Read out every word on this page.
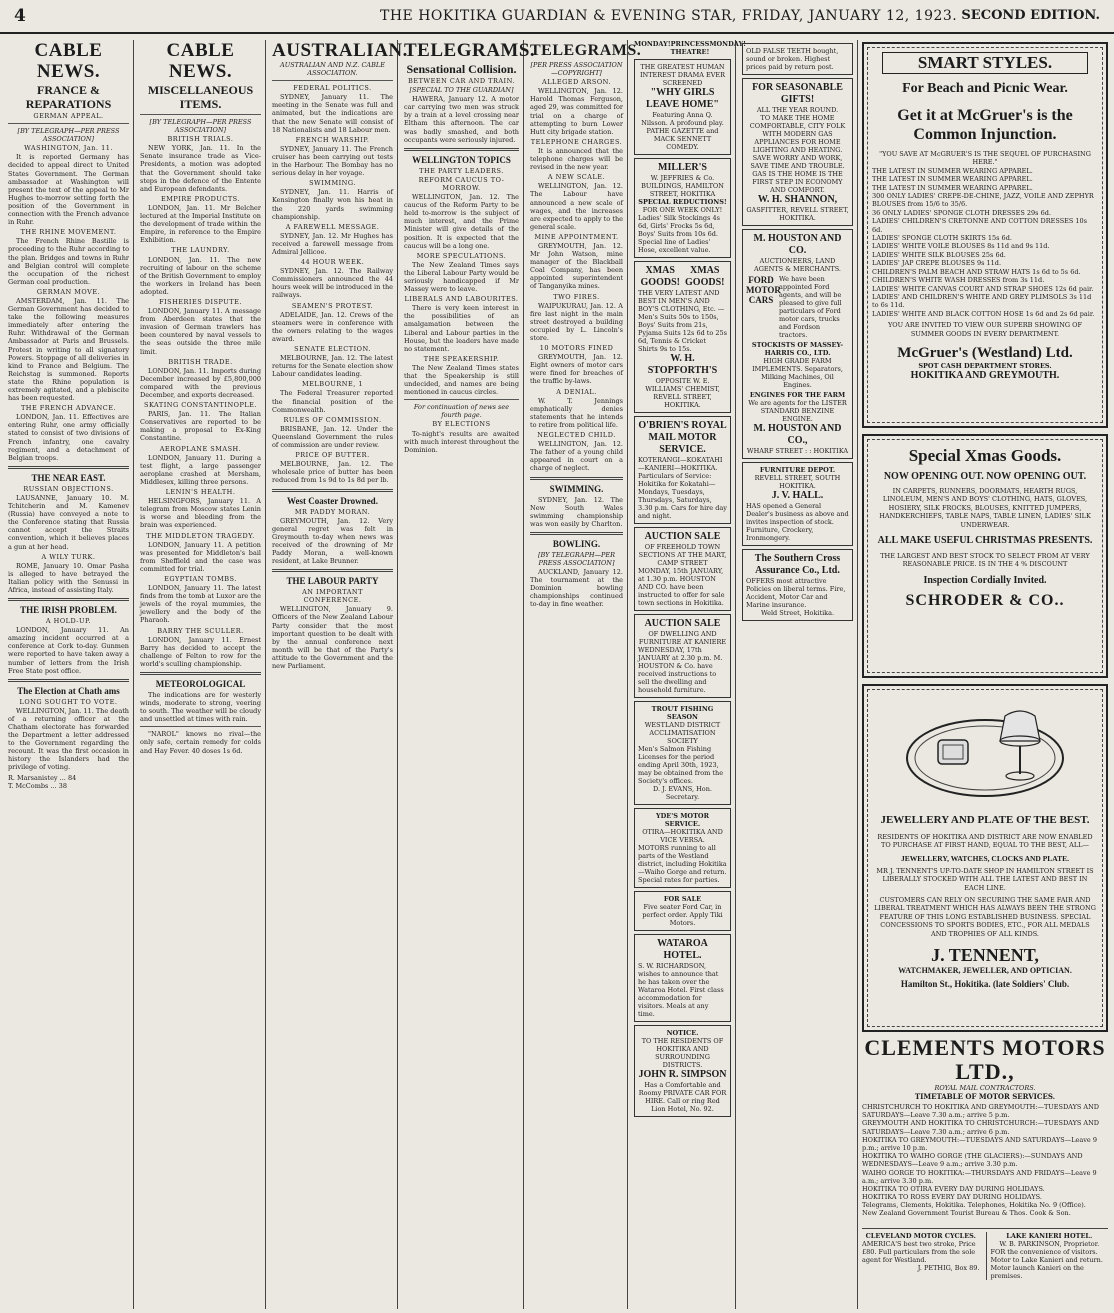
4	THE HOKITIKA GUARDIAN & EVENING STAR, FRIDAY, JANUARY 12, 1923. SECOND EDITION.
CABLE NEWS.
FRANCE & REPARATIONS
GERMAN APPEAL.
[BY TELEGRAPH—PER PRESS ASSOCIATION]
WASHINGTON, Jan. 11.

It is reported Germany has decided to appeal direct to United States Government. The German ambassador at Washington will present the text of the appeal to Mr Hughes to-morrow setting forth the position of the Government in connection with the French advance in Ruhr.

THE RHINE MOVEMENT.

The French Rhine Bastille is proceeding to the Ruhr according to the plan. Bridges and towns in Ruhr and Belgian control will complete the occupation of the richest German coal production.

GERMAN MOVE.

AMSTERDAM, Jan. 11. The German Government has decided to take the following measures immediately after entering the Ruhr. Withdrawal of the German Ambassador at Paris and Brussels. Protest in writing to all signatory Powers. Stoppage of all deliveries in kind to France and Belgium. The Reichstag is summoned. Reports state the Rhine population is extremely agitated, and a plebiscite has been requested.

THE FRENCH ADVANCE.

LONDON, Jan. 11. Effectives are entering Ruhr, one army officially stated to consist of two divisions of French infantry, one cavalry regiment, and a detachment of Belgian troops.

THE NEAR EAST.
RUSSIAN OBJECTIONS.

LAUSANNE, January 10. M. Tchitcherin and M. Kamenev (Russia) have conveyed a note to the Conference stating that Russia cannot accept the Straits convention, which it believes places a gun at her head.

A WILY TURK.

ROME, January 10. Omar Pasha is alleged to have betrayed the Italian policy with the Senussi in Africa, instead of assisting Italy.

THE IRISH PROBLEM.
A HOLD-UP.

LONDON, January 11. An amazing incident occurred at a conference at Cork to-day. Gunmen were reported to have taken away a number of letters from the Irish Free State post office.

The Election at Chath ams
LONG SOUGHT TO VOTE.

WELLINGTON, Jan. 11. The death of a returning officer at the Chatham electorate has forwarded the Department a letter addressed to the Government regarding the recount. It was the first occasion in history the Islanders had the privilege of voting.

R. Marsanistey ... 84
T. McCombs ... 38
CABLE NEWS.
MISCELLANEOUS ITEMS.
[BY TELEGRAPH—PER PRESS ASSOCIATION]
BRITISH TRIALS.

NEW YORK, Jan. 11. In the Senate insurance trade as Vice-Presidents, a motion was adopted that the Government should take steps in the defence of the Entente and European defendants.

EMPIRE PRODUCTS.

LONDON, Jan. 11. Mr Belcher lectured at the Imperial Institute on the development of trade within the Empire, in reference to the Empire Exhibition.

THE LAUNDRY.

LONDON, Jan. 11. The new recruiting of labour on the scheme of the British Government to employ the workers in Ireland has been adopted.

FISHERIES DISPUTE.

LONDON, January 11. A message from Aberdeen states that the invasion of German trawlers has been countered by naval vessels to the seas outside the three mile limit.

BRITISH TRADE.

LONDON, Jan. 11. Imports during December increased by £5,800,000 compared with the previous December, and exports decreased.

SKATING CONSTANTINOPLE.

PARIS, Jan. 11. The Italian Conservatives are reported to be making a proposal to Ex-King Constantine.

AEROPLANE SMASH.

LONDON, January 11. During a test flight, a large passenger aeroplane crashed at Mersham, Middlesex, killing three persons.

LENIN'S HEALTH.

HELSINGFORS, January 11. A telegram from Moscow states Lenin is worse and bleeding from the brain was experienced.

THE MIDDLETON TRAGEDY.

LONDON, January 11. A petition was presented for Middleton's bail from Sheffield and the case was committed for trial.

EGYPTIAN TOMBS.

LONDON, January 11. The latest finds from the tomb at Luxor are the jewels of the royal mummies, the jewellery and the body of the Pharaoh.

BARRY THE SCULLER.

LONDON, January 11. Ernest Barry has decided to accept the challenge of Felton to row for the world's sculling championship.

METEOROLOGICAL

The indications are for westerly winds, moderate to strong, veering to south. The weather will be cloudy and unsettled at times with rain.

"NAROL" knows no rival—the only safe, certain remedy for colds and Hay Fever. 40 doses 1s 6d.

AUSTRALIAN.
AUSTRALIAN AND N.Z. CABLE ASSOCIATION.
FEDERAL POLITICS.

SYDNEY, January 11. The meeting in the Senate was full and animated, but the indications are that the new Senate will consist of 18 Nationalists and 18 Labour men.

FRENCH WARSHIP.

SYDNEY, January 11. The French cruiser has been carrying out tests in the Harbour. The Bombay has no serious delay in her voyage.

SWIMMING.

SYDNEY, Jan. 11. Harris of Kensington finally won his heat in the 220 yards swimming championship.

A FAREWELL MESSAGE.

SYDNEY, Jan. 12. Mr Hughes has received a farewell message from Admiral Jellicoe.

44 HOUR WEEK.

SYDNEY, Jan. 12. The Railway Commissioners announced the 44 hours week will be introduced in the railways.

SEAMEN'S PROTEST.

ADELAIDE, Jan. 12. Crews of the steamers were in conference with the owners relating to the wages award.

SENATE ELECTION.

MELBOURNE, Jan. 12. The latest returns for the Senate election show Labour candidates leading.

MELBOURNE, 1

The Federal Treasurer reported the financial position of the Commonwealth.

RULES OF COMMISSION.

BRISBANE, Jan. 12. Under the Queensland Government the rules of commission are under review.

PRICE OF BUTTER.

MELBOURNE, Jan. 12. The wholesale price of butter has been reduced from 1s 9d to 1s 8d per lb.

West Coaster Drowned.
MR PADDY MORAN.

GREYMOUTH, Jan. 12. Very general regret was felt in Greymouth to-day when news was received of the drowning of Mr Paddy Moran, a well-known resident, at Lake Brunner.

THE LABOUR PARTY
AN IMPORTANT CONFERENCE.

WELLINGTON, January 9. Officers of the New Zealand Labour Party consider that the most important question to be dealt with by the annual conference next month will be that of the Party's attitude to the Government and the new Parliament.

TELEGRAMS.
Sensational Collision.
BETWEEN CAR AND TRAIN.
[SPECIAL TO THE GUARDIAN]

HAWERA, January 12. A motor car carrying two men was struck by a train at a level crossing near Eltham this afternoon. The car was badly smashed, and both occupants were seriously injured.

WELLINGTON TOPICS
THE PARTY LEADERS.
REFORM CAUCUS TO-MORROW.

WELLINGTON, Jan. 12. The caucus of the Reform Party to be held to-morrow is the subject of much interest, and the Prime Minister will give details of the position. It is expected that the caucus will be a long one.

MORE SPECULATIONS.

The New Zealand Times says the Liberal Labour Party would be seriously handicapped if Mr Massey were to leave.

LIBERALS AND LABOURITES.

There is very keen interest in the possibilities of an amalgamation between the Liberal and Labour parties in the House, but the leaders have made no statement.

THE SPEAKERSHIP.

The New Zealand Times states that the Speakership is still undecided, and names are being mentioned in caucus circles.

For continuation of news see fourth page.
BY ELECTIONS

To-night's results are awaited with much interest throughout the Dominion.

TELEGRAMS.
[PER PRESS ASSOCIATION—COPYRIGHT]
ALLEGED ARSON.

WELLINGTON, Jan. 12. Harold Thomas Ferguson, aged 29, was committed for trial on a charge of attempting to burn Lower Hutt city brigade station.

TELEPHONE CHARGES.

It is announced that the telephone charges will be revised in the new year.

A NEW SCALE.

WELLINGTON, Jan. 12. The Labour have announced a new scale of wages, and the increases are expected to apply to the general scale.

MINE APPOINTMENT.

GREYMOUTH, Jan. 12. Mr John Watson, mine manager of the Blackball Coal Company, has been appointed superintendent of Tanganyika mines.

TWO FIRES.

WAIPUKURAU, Jan. 12. A fire last night in the main street destroyed a building occupied by L. Lincoln's store.

10 MOTORS FINED

GREYMOUTH, Jan. 12. Eight owners of motor cars were fined for breaches of the traffic by-laws.

A DENIAL.

W. T. Jennings emphatically denies statements that he intends to retire from political life.

NEGLECTED CHILD.

WELLINGTON, Jan. 12. The father of a young child appeared in court on a charge of neglect.

SWIMMING.

SYDNEY, Jan. 12. The New South Wales swimming championship was won easily by Charlton.

BOWLING.
[BY TELEGRAPH—PER PRESS ASSOCIATION]

AUCKLAND, January 12. The tournament at the Dominion bowling championships continued to-day in fine weather.

MONDAY! PRINCESS THEATRE!
MONDAY!
THE GREATEST HUMAN INTEREST DRAMA EVER SCREENED
"WHY GIRLS LEAVE HOME"
Featuring Anna Q. Nilsson. A profound play. PATHE GAZETTE and MACK SENNETT COMEDY.
MILLER'S
W. JEFFRIES & Co. BUILDINGS, HAMILTON STREET, HOKITIKA
SPECIAL REDUCTIONS!
FOR ONE WEEK ONLY!
Ladies' Silk Stockings 4s 6d, Girls' Frocks 5s 6d, Boys' Suits from 10s 6d. Special line of Ladies' Hose, excellent value.
XMAS GOODS!
XMAS GOODS!
THE VERY LATEST AND BEST IN MEN'S AND BOY'S CLOTHING, Etc. — Men's Suits 50s to 150s, Boys' Suits from 21s, Pyjama Suits 12s 6d to 25s 6d, Tennis & Cricket Shirts 9s to 15s.
W. H. STOPFORTH'S
OPPOSITE W. E. WILLIAMS' CHEMIST, REVELL STREET, HOKITIKA.
O'BRIEN'S ROYAL MAIL MOTOR SERVICE.
KOTERANGI—KOKATAHI—KANIERI—HOKITIKA. Particulars of Service: Hokitika for Kokatahi—Mondays, Tuesdays, Thursdays, Saturdays, 3.30 p.m. Cars for hire day and night.
AUCTION SALE
OF FREEHOLD TOWN SECTIONS AT THE MART, CAMP STREET
MONDAY, 15th JANUARY, at 1.30 p.m. HOUSTON AND CO. have been instructed to offer for sale town sections in Hokitika.
AUCTION SALE
OF DWELLING AND FURNITURE AT KANIERE
WEDNESDAY, 17th JANUARY at 2.30 p.m. M. HOUSTON & Co. have received instructions to sell the dwelling and household furniture.
TROUT FISHING SEASON
WESTLAND DISTRICT ACCLIMATISATION SOCIETY
Men's Salmon Fishing Licenses for the period ending April 30th, 1923, may be obtained from the Society's offices.
D. J. EVANS, Hon. Secretary.
YDE'S MOTOR SERVICE.
OTIRA—HOKITIKA AND VICE VERSA.
MOTORS running to all parts of the Westland district, including Hokitika—Waiho Gorge and return. Special rates for parties.
FOR SALE
Five seater Ford Car, in perfect order. Apply Tiki Motors.
WATAROA HOTEL.
S. W. RICHARDSON, wishes to announce that he has taken over the Wataroa Hotel. First class accommodation for visitors. Meals at any time.
NOTICE.
TO THE RESIDENTS OF HOKITIKA AND SURROUNDING DISTRICTS.
JOHN R. SIMPSON
Has a Comfortable and Roomy PRIVATE CAR FOR HIRE. Call or ring Red Lion Hotel, No. 92.
OLD FALSE TEETH bought, sound or broken. Highest prices paid by return post.
FOR SEASONABLE GIFTS!
ALL THE YEAR ROUND.
TO MAKE THE HOME COMFORTABLE, CITY FOLK WITH MODERN GAS APPLIANCES FOR HOME LIGHTING AND HEATING. SAVE WORRY AND WORK, SAVE TIME AND TROUBLE.
GAS IS THE HOME IS THE FIRST STEP IN ECONOMY AND COMFORT.
W. H. SHANNON,
GASFITTER, REVELL STREET, HOKITIKA.
M. HOUSTON AND CO.
AUCTIONEERS, LAND AGENTS & MERCHANTS.
FORD MOTOR CARS
We have been appointed Ford agents, and will be pleased to give full particulars of Ford motor cars, trucks and Fordson tractors.
STOCKISTS OF MASSEY-HARRIS CO., LTD.
HIGH GRADE FARM IMPLEMENTS. Separators, Milking Machines, Oil Engines.
ENGINES FOR THE FARM
We are agents for the LISTER STANDARD BENZINE ENGINE.
M. HOUSTON AND CO.,
WHARF STREET : : HOKITIKA
FURNITURE DEPOT.
REVELL STREET, SOUTH HOKITIKA.
J. V. HALL.
HAS opened a General Dealer's business as above and invites inspection of stock. Furniture, Crockery, Ironmongery.
The Southern Cross Assurance Co., Ltd.
OFFERS most attractive Policies on liberal terms. Fire, Accident, Motor Car and Marine insurance.
Weld Street, Hokitika.
SMART STYLES.
For Beach and Picnic Wear.
Get it at McGruer's is the Common Injunction.
"YOU SAVE AT McGRUER'S IS THE SEQUEL OF PURCHASING HERE."
THE LATEST IN SUMMER WEARING APPAREL.
THE LATEST IN SUMMER WEARING APPAREL.
THE LATEST IN SUMMER WEARING APPAREL.
300 ONLY LADIES' CREPE-DE-CHINE, JAZZ, VOILE AND ZEPHYR BLOUSES from 15/6 to 35/6.
36 ONLY LADIES' SPONGE CLOTH DRESSES 29s 6d.
LADIES' CHILDREN'S CRETONNE AND COTTON DRESSES 10s 6d.
LADIES' SPONGE CLOTH SKIRTS 15s 6d.
LADIES' WHITE VOILE BLOUSES 8s 11d and 9s 11d.
LADIES' WHITE SILK BLOUSES 25s 6d.
LADIES' JAP CREPE BLOUSES 9s 11d.
CHILDREN'S PALM BEACH AND STRAW HATS 1s 6d to 5s 6d.
CHILDREN'S WHITE WASH DRESSES from 3s 11d.
LADIES' WHITE CANVAS COURT AND STRAP SHOES 12s 6d pair.
LADIES' AND CHILDREN'S WHITE AND GREY PLIMSOLS 3s 11d to 6s 11d.
LADIES' WHITE AND BLACK COTTON HOSE 1s 6d and 2s 6d pair.
YOU ARE INVITED TO VIEW OUR SUPERB SHOWING OF SUMMER GOODS IN EVERY DEPARTMENT.
McGruer's (Westland) Ltd.
SPOT CASH DEPARTMENT STORES.
HOKITIKA AND GREYMOUTH.
Special Xmas Goods.
NOW OPENING OUT. NOW OPENING OUT.
IN CARPETS, RUNNERS, DOORMATS, HEARTH RUGS, LINOLEUM, MEN'S AND BOYS' CLOTHING, HATS, GLOVES, HOSIERY, SILK FROCKS, BLOUSES, KNITTED JUMPERS, HANDKERCHIEFS, TABLE NAPS, TABLE LINEN, LADIES' SILK UNDERWEAR.
ALL MAKE USEFUL CHRISTMAS PRESENTS.
THE LARGEST AND BEST STOCK TO SELECT FROM AT VERY REASONABLE PRICE. IS IN THE 4 % DISCOUNT
Inspection Cordially Invited.
SCHRODER & CO..
JEWELLERY AND PLATE OF THE BEST.
RESIDENTS OF HOKITIKA AND DISTRICT ARE NOW ENABLED TO PURCHASE AT FIRST HAND, EQUAL TO THE BEST, ALL—
JEWELLERY, WATCHES, CLOCKS AND PLATE.
MR J. TENNENT'S UP-TO-DATE SHOP IN HAMILTON STREET IS LIBERALLY STOCKED WITH ALL THE LATEST AND BEST IN EACH LINE.
CUSTOMERS CAN RELY ON SECURING THE SAME FAIR AND LIBERAL TREATMENT WHICH HAS ALWAYS BEEN THE STRONG FEATURE OF THIS LONG ESTABLISHED BUSINESS. SPECIAL CONCESSIONS TO SPORTS BODIES, ETC., FOR ALL MEDALS AND TROPHIES OF ALL KINDS.
J. TENNENT,
WATCHMAKER, JEWELLER, AND OPTICIAN.
Hamilton St., Hokitika. (late Soldiers' Club.
CLEMENTS MOTORS LTD.,
ROYAL MAIL CONTRACTORS.
TIMETABLE OF MOTOR SERVICES.
CHRISTCHURCH TO HOKITIKA AND GREYMOUTH:—TUESDAYS AND SATURDAYS—Leave 7.30 a.m.; arrive 5 p.m.
GREYMOUTH AND HOKITIKA TO CHRISTCHURCH:—TUESDAYS AND SATURDAYS—Leave 7.30 a.m.; arrive 6 p.m.
HOKITIKA TO GREYMOUTH:—TUESDAYS AND SATURDAYS—Leave 9 p.m.; arrive 10 p.m.
HOKITIKA TO WAIHO GORGE (THE GLACIERS):—SUNDAYS AND WEDNESDAYS—Leave 9 a.m.; arrive 3.30 p.m.
WAIHO GORGE TO HOKITIKA:—THURSDAYS AND FRIDAYS—Leave 9 a.m.; arrive 3.30 p.m.
HOKITIKA TO OTIRA EVERY DAY DURING HOLIDAYS.
HOKITIKA TO ROSS EVERY DAY DURING HOLIDAYS.
Telegrams, Clements, Hokitika. Telephones, Hokitika No. 9 (Office).
New Zealand Government Tourist Bureau & Thos. Cook & Son.
CLEVELAND MOTOR CYCLES.
AMERICA'S best two stroke, Price £80. Full particulars from the sole agent for Westland.
J. PETHIG, Box 89.
LAKE KANIERI HOTEL.
W. B. PARKINSON, Proprietor.
FOR the convenience of visitors. Motor to Lake Kanieri and return. Motor launch Kanieri on the premises.
